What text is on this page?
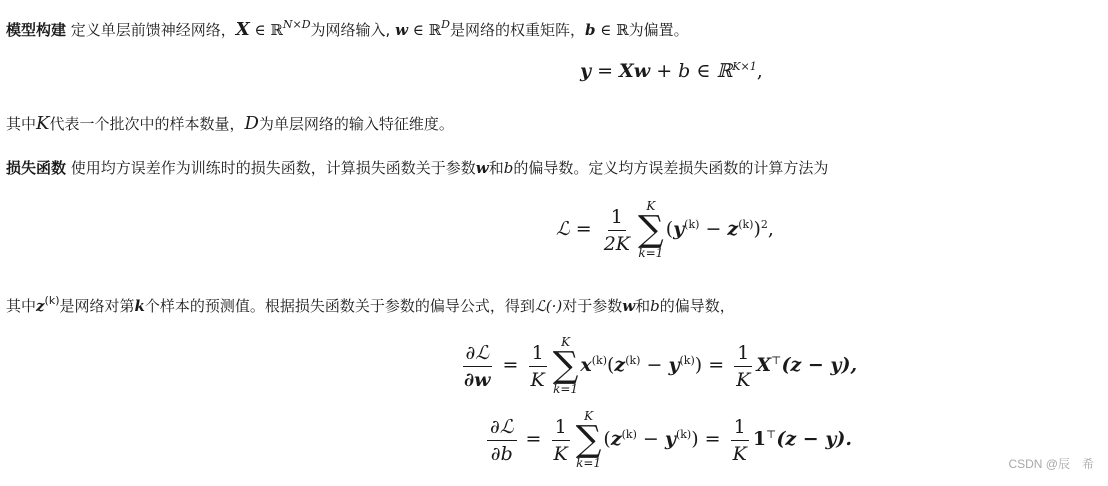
模型构建 定义单层前馈神经网络，X ∈ ℝ$^{N\times D}$为网络输入, w ∈ ℝ$^D$是网络的权重矩阵，b ∈ ℝ为偏置。
y = Xw + b ∈ ℝ$^{K\times 1}$,
其中K代表一个批次中的样本数量，D为单层网络的输入特征维度。
损失函数 使用均方误差作为训练时的损失函数，计算损失函数关于参数w和b的偏导数。定义均方误差损失函数的计算方法为
ℒ = $\frac{1}{2K}$ K
∑
k=1
$(y^{(k)} - z^{(k)})^2$,
其中$z^{(k)}$是网络对第k个样本的预测值。根据损失函数关于参数的偏导公式，得到ℒ(·)对于参数w和b的偏导数，
$\frac{\text{∂ℒ}}{\partial w} = \frac{1}{K}$ K
∑
k=1
$x^{(k)}(z^{(k)} - y^{(k)}) = \frac{1}{K} X^⊤(z - y)$,
$\frac{\text{∂ℒ}}{\partial b} = \frac{1}{K}$ K
∑
k=1
$(z^{(k)} - y^{(k)}) = \frac{1}{K} 1^⊤(z - y)$.
CSDN @辰　希
